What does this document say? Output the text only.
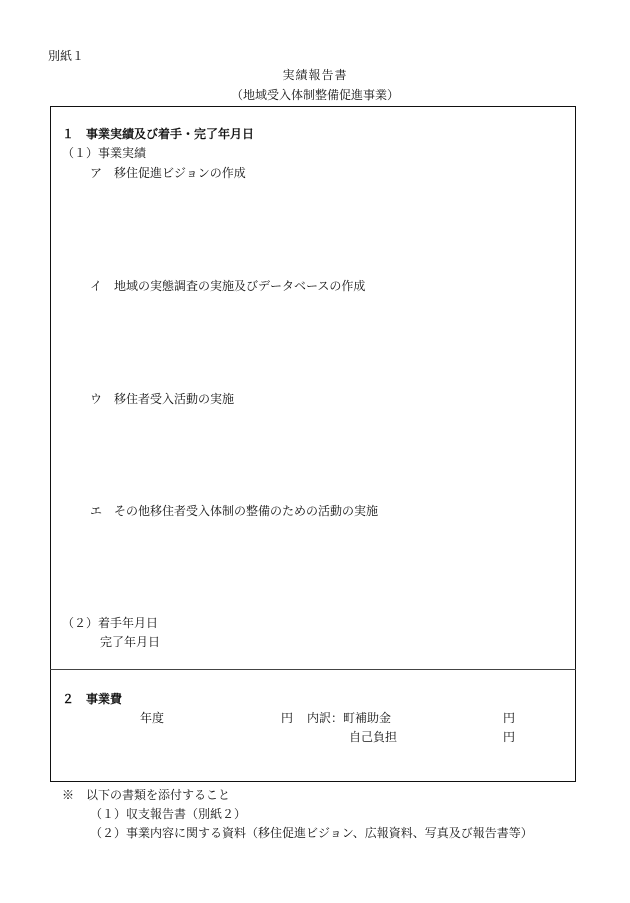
別紙１
実績報告書
（地域受入体制整備促進事業）
１　事業実績及び着手・完了年月日
（１）事業実績
ア　移住促進ビジョンの作成
イ　地域の実態調査の実施及びデータベースの作成
ウ　移住者受入活動の実施
エ　その他移住者受入体制の整備のための活動の実施
（２）着手年月日
完了年月日
２　事業費
年度	円 内訳：町補助金	円
自己負担	円
※　以下の書類を添付すること
（１）収支報告書（別紙２）
（２）事業内容に関する資料（移住促進ビジョン、広報資料、写真及び報告書等）
